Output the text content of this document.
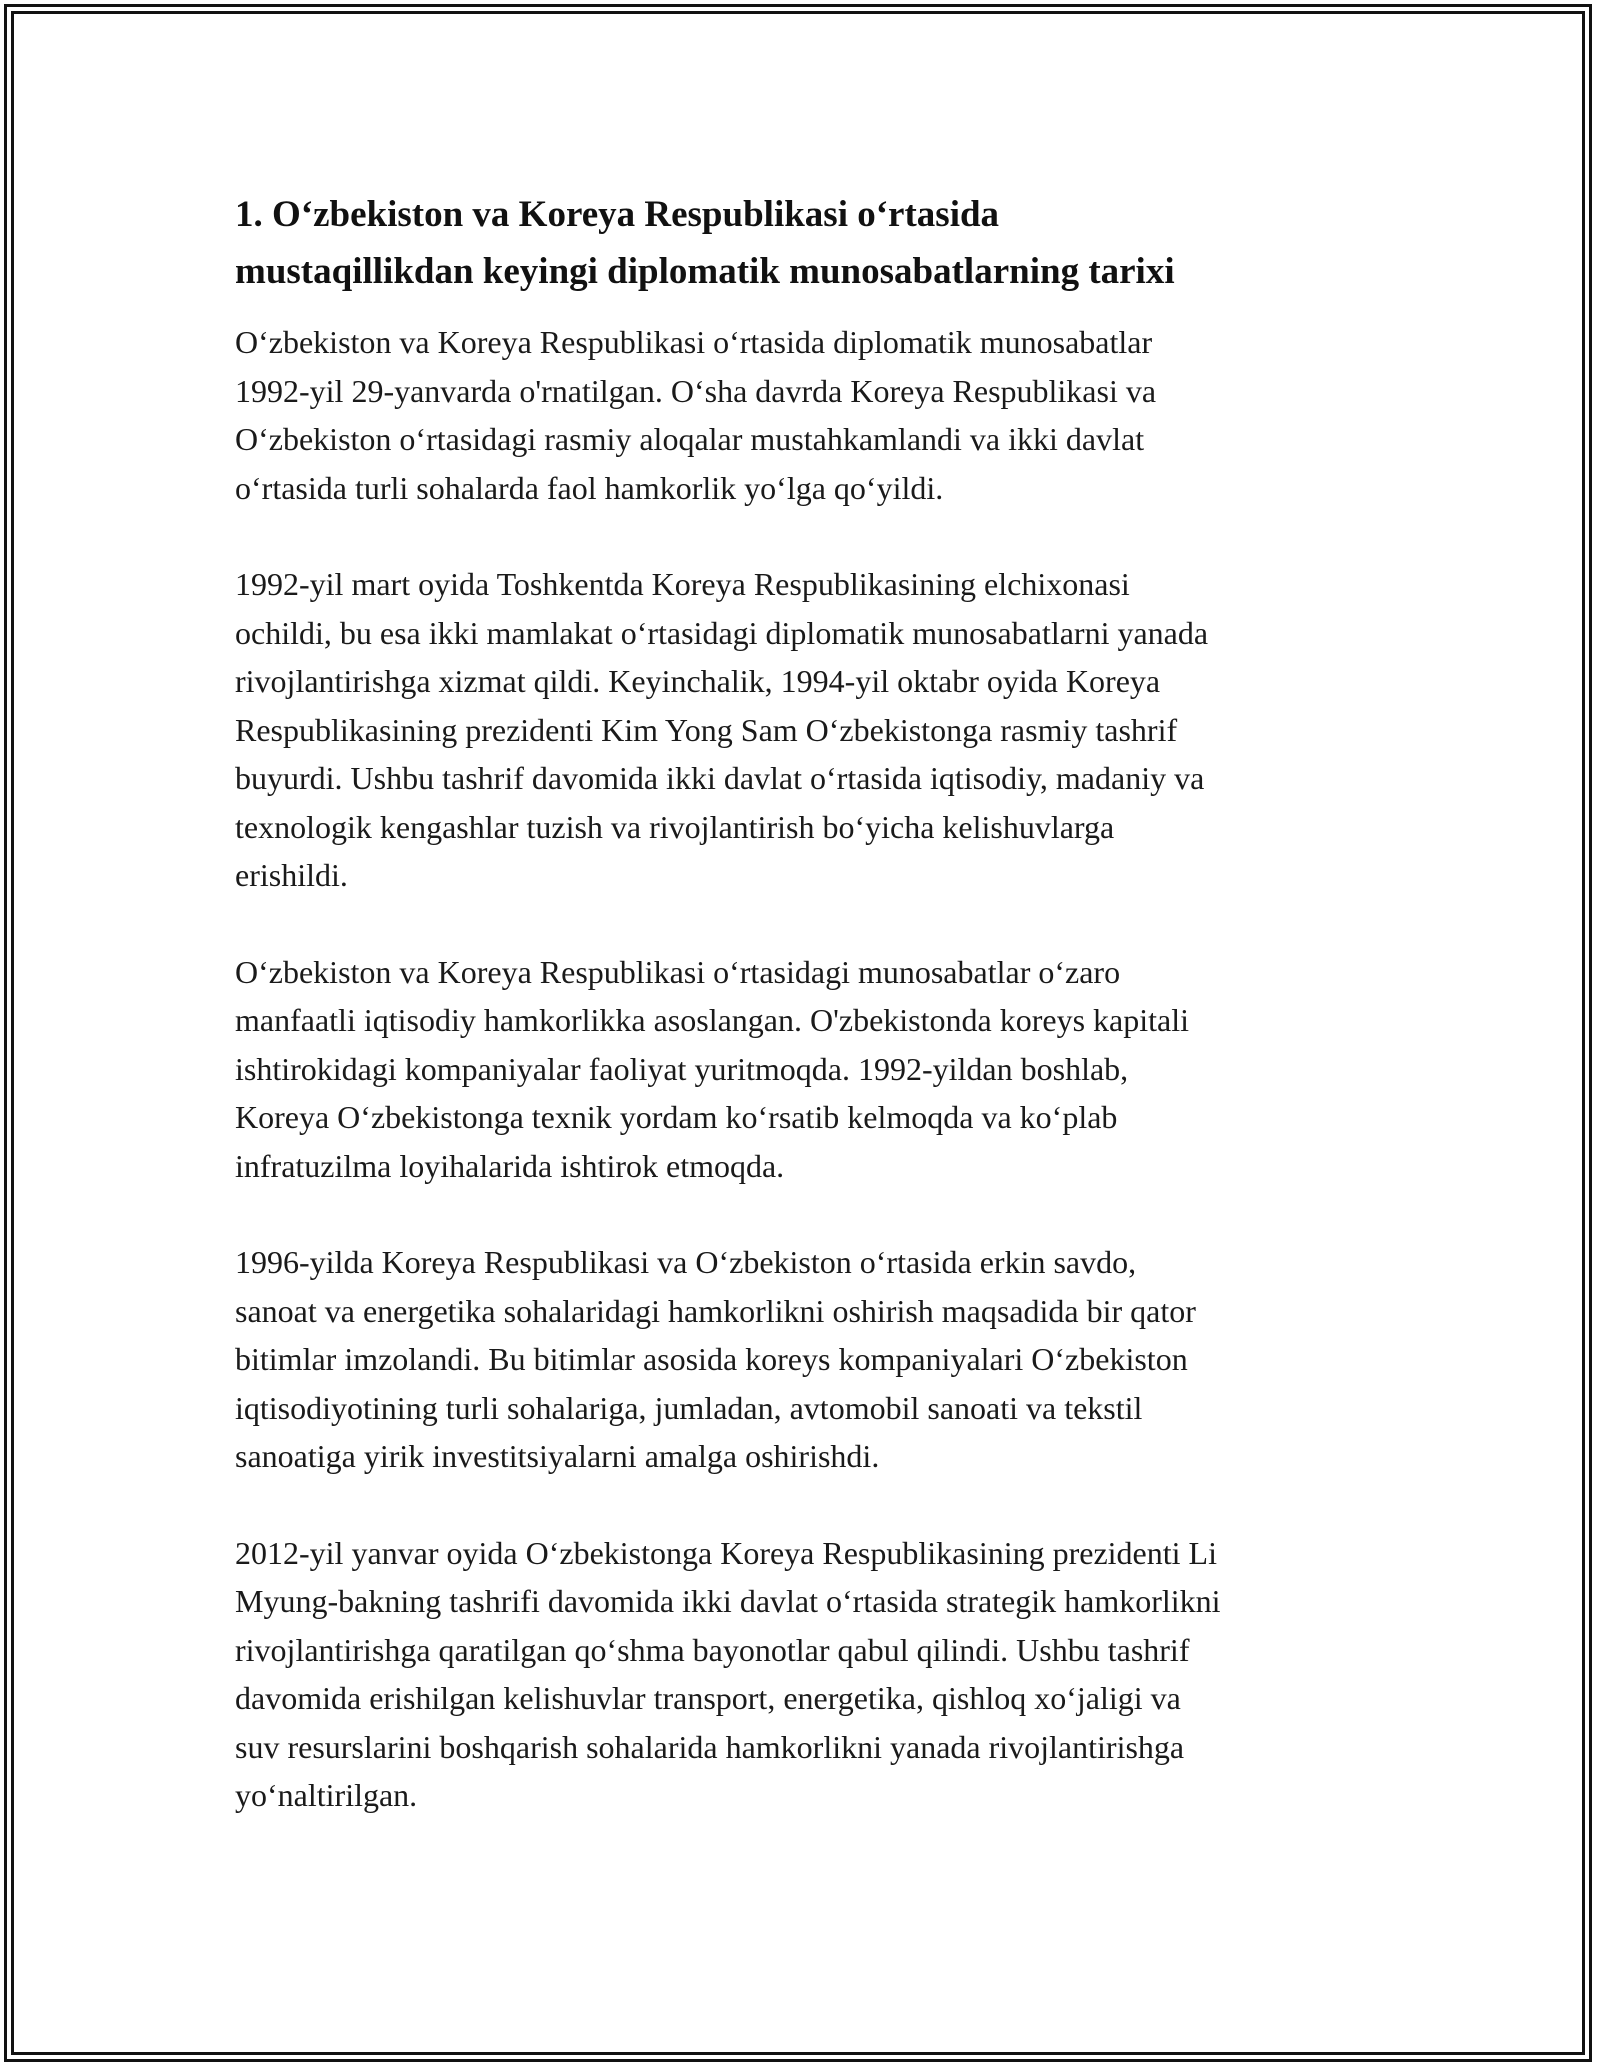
1. O‘zbekiston va Koreya Respublikasi o‘rtasida
mustaqillikdan keyingi diplomatik munosabatlarning tarixi

O‘zbekiston va Koreya Respublikasi o‘rtasida diplomatik munosabatlar
1992-yil 29-yanvarda o'rnatilgan. O‘sha davrda Koreya Respublikasi va
O‘zbekiston o‘rtasidagi rasmiy aloqalar mustahkamlandi va ikki davlat
o‘rtasida turli sohalarda faol hamkorlik yo‘lga qo‘yildi.

1992-yil mart oyida Toshkentda Koreya Respublikasining elchixonasi
ochildi, bu esa ikki mamlakat o‘rtasidagi diplomatik munosabatlarni yanada
rivojlantirishga xizmat qildi. Keyinchalik, 1994-yil oktabr oyida Koreya
Respublikasining prezidenti Kim Yong Sam O‘zbekistonga rasmiy tashrif
buyurdi. Ushbu tashrif davomida ikki davlat o‘rtasida iqtisodiy, madaniy va
texnologik kengashlar tuzish va rivojlantirish bo‘yicha kelishuvlarga
erishildi.

O‘zbekiston va Koreya Respublikasi o‘rtasidagi munosabatlar o‘zaro
manfaatli iqtisodiy hamkorlikka asoslangan. O'zbekistonda koreys kapitali
ishtirokidagi kompaniyalar faoliyat yuritmoqda. 1992-yildan boshlab,
Koreya O‘zbekistonga texnik yordam ko‘rsatib kelmoqda va ko‘plab
infratuzilma loyihalarida ishtirok etmoqda.

1996-yilda Koreya Respublikasi va O‘zbekiston o‘rtasida erkin savdo,
sanoat va energetika sohalaridagi hamkorlikni oshirish maqsadida bir qator
bitimlar imzolandi. Bu bitimlar asosida koreys kompaniyalari O‘zbekiston
iqtisodiyotining turli sohalariga, jumladan, avtomobil sanoati va tekstil
sanoatiga yirik investitsiyalarni amalga oshirishdi.

2012-yil yanvar oyida O‘zbekistonga Koreya Respublikasining prezidenti Li
Myung-bakning tashrifi davomida ikki davlat o‘rtasida strategik hamkorlikni
rivojlantirishga qaratilgan qo‘shma bayonotlar qabul qilindi. Ushbu tashrif
davomida erishilgan kelishuvlar transport, energetika, qishloq xo‘jaligi va
suv resurslarini boshqarish sohalarida hamkorlikni yanada rivojlantirishga
yo‘naltirilgan.
